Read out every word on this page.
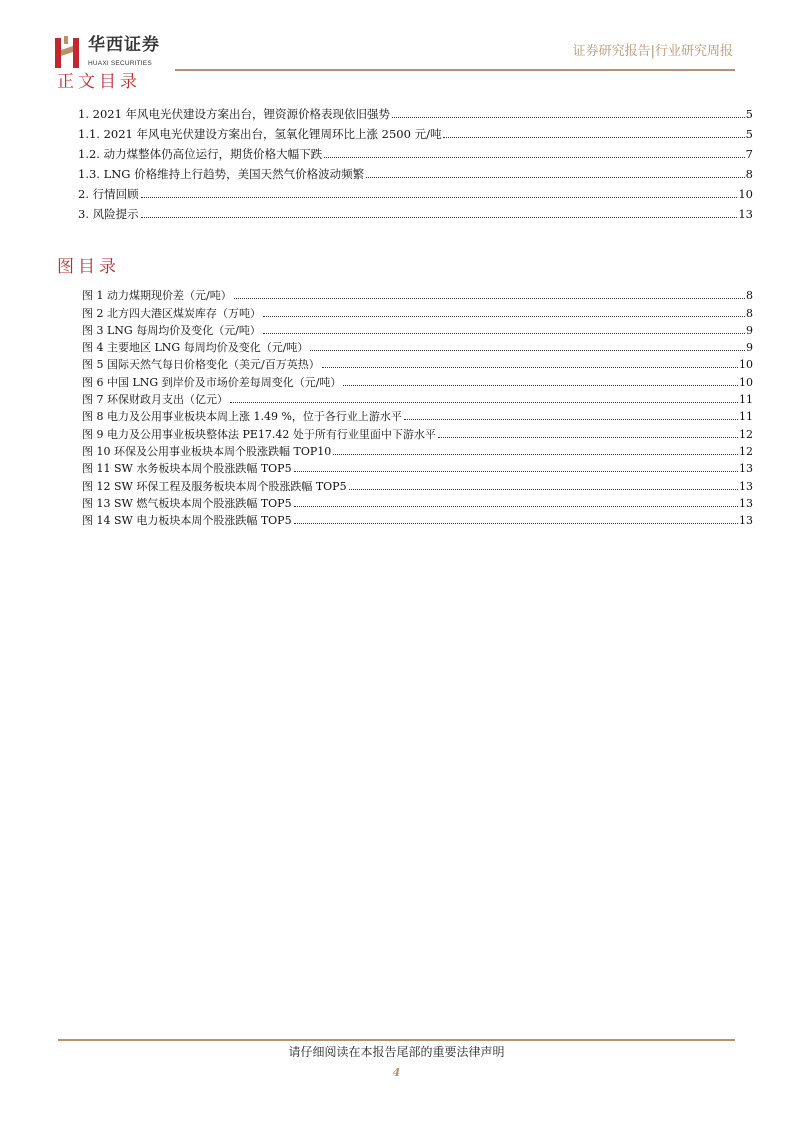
华西证券
HUAXI SECURITIES
证券研究报告|行业研究周报
正文目录
1. 2021 年风电光伏建设方案出台，锂资源价格表现依旧强势	5
1.1. 2021 年风电光伏建设方案出台，氢氧化锂周环比上涨 2500 元/吨	5
1.2. 动力煤整体仍高位运行，期货价格大幅下跌	7
1.3. LNG 价格维持上行趋势，美国天然气价格波动频繁	8
2. 行情回顾	10
3. 风险提示	13
图目录
图 1 动力煤期现价差（元/吨）	8
图 2 北方四大港区煤炭库存（万吨）	8
图 3 LNG 每周均价及变化（元/吨）	9
图 4 主要地区 LNG 每周均价及变化（元/吨）	9
图 5 国际天然气每日价格变化（美元/百万英热）	10
图 6 中国 LNG 到岸价及市场价差每周变化（元/吨）	10
图 7 环保财政月支出（亿元）	11
图 8 电力及公用事业板块本周上涨 1.49 %，位于各行业上游水平	11
图 9 电力及公用事业板块整体法 PE17.42 处于所有行业里面中下游水平	12
图 10 环保及公用事业板块本周个股涨跌幅 TOP10	12
图 11 SW 水务板块本周个股涨跌幅 TOP5	13
图 12 SW 环保工程及服务板块本周个股涨跌幅 TOP5	13
图 13 SW 燃气板块本周个股涨跌幅 TOP5	13
图 14 SW 电力板块本周个股涨跌幅 TOP5	13
请仔细阅读在本报告尾部的重要法律声明
4
